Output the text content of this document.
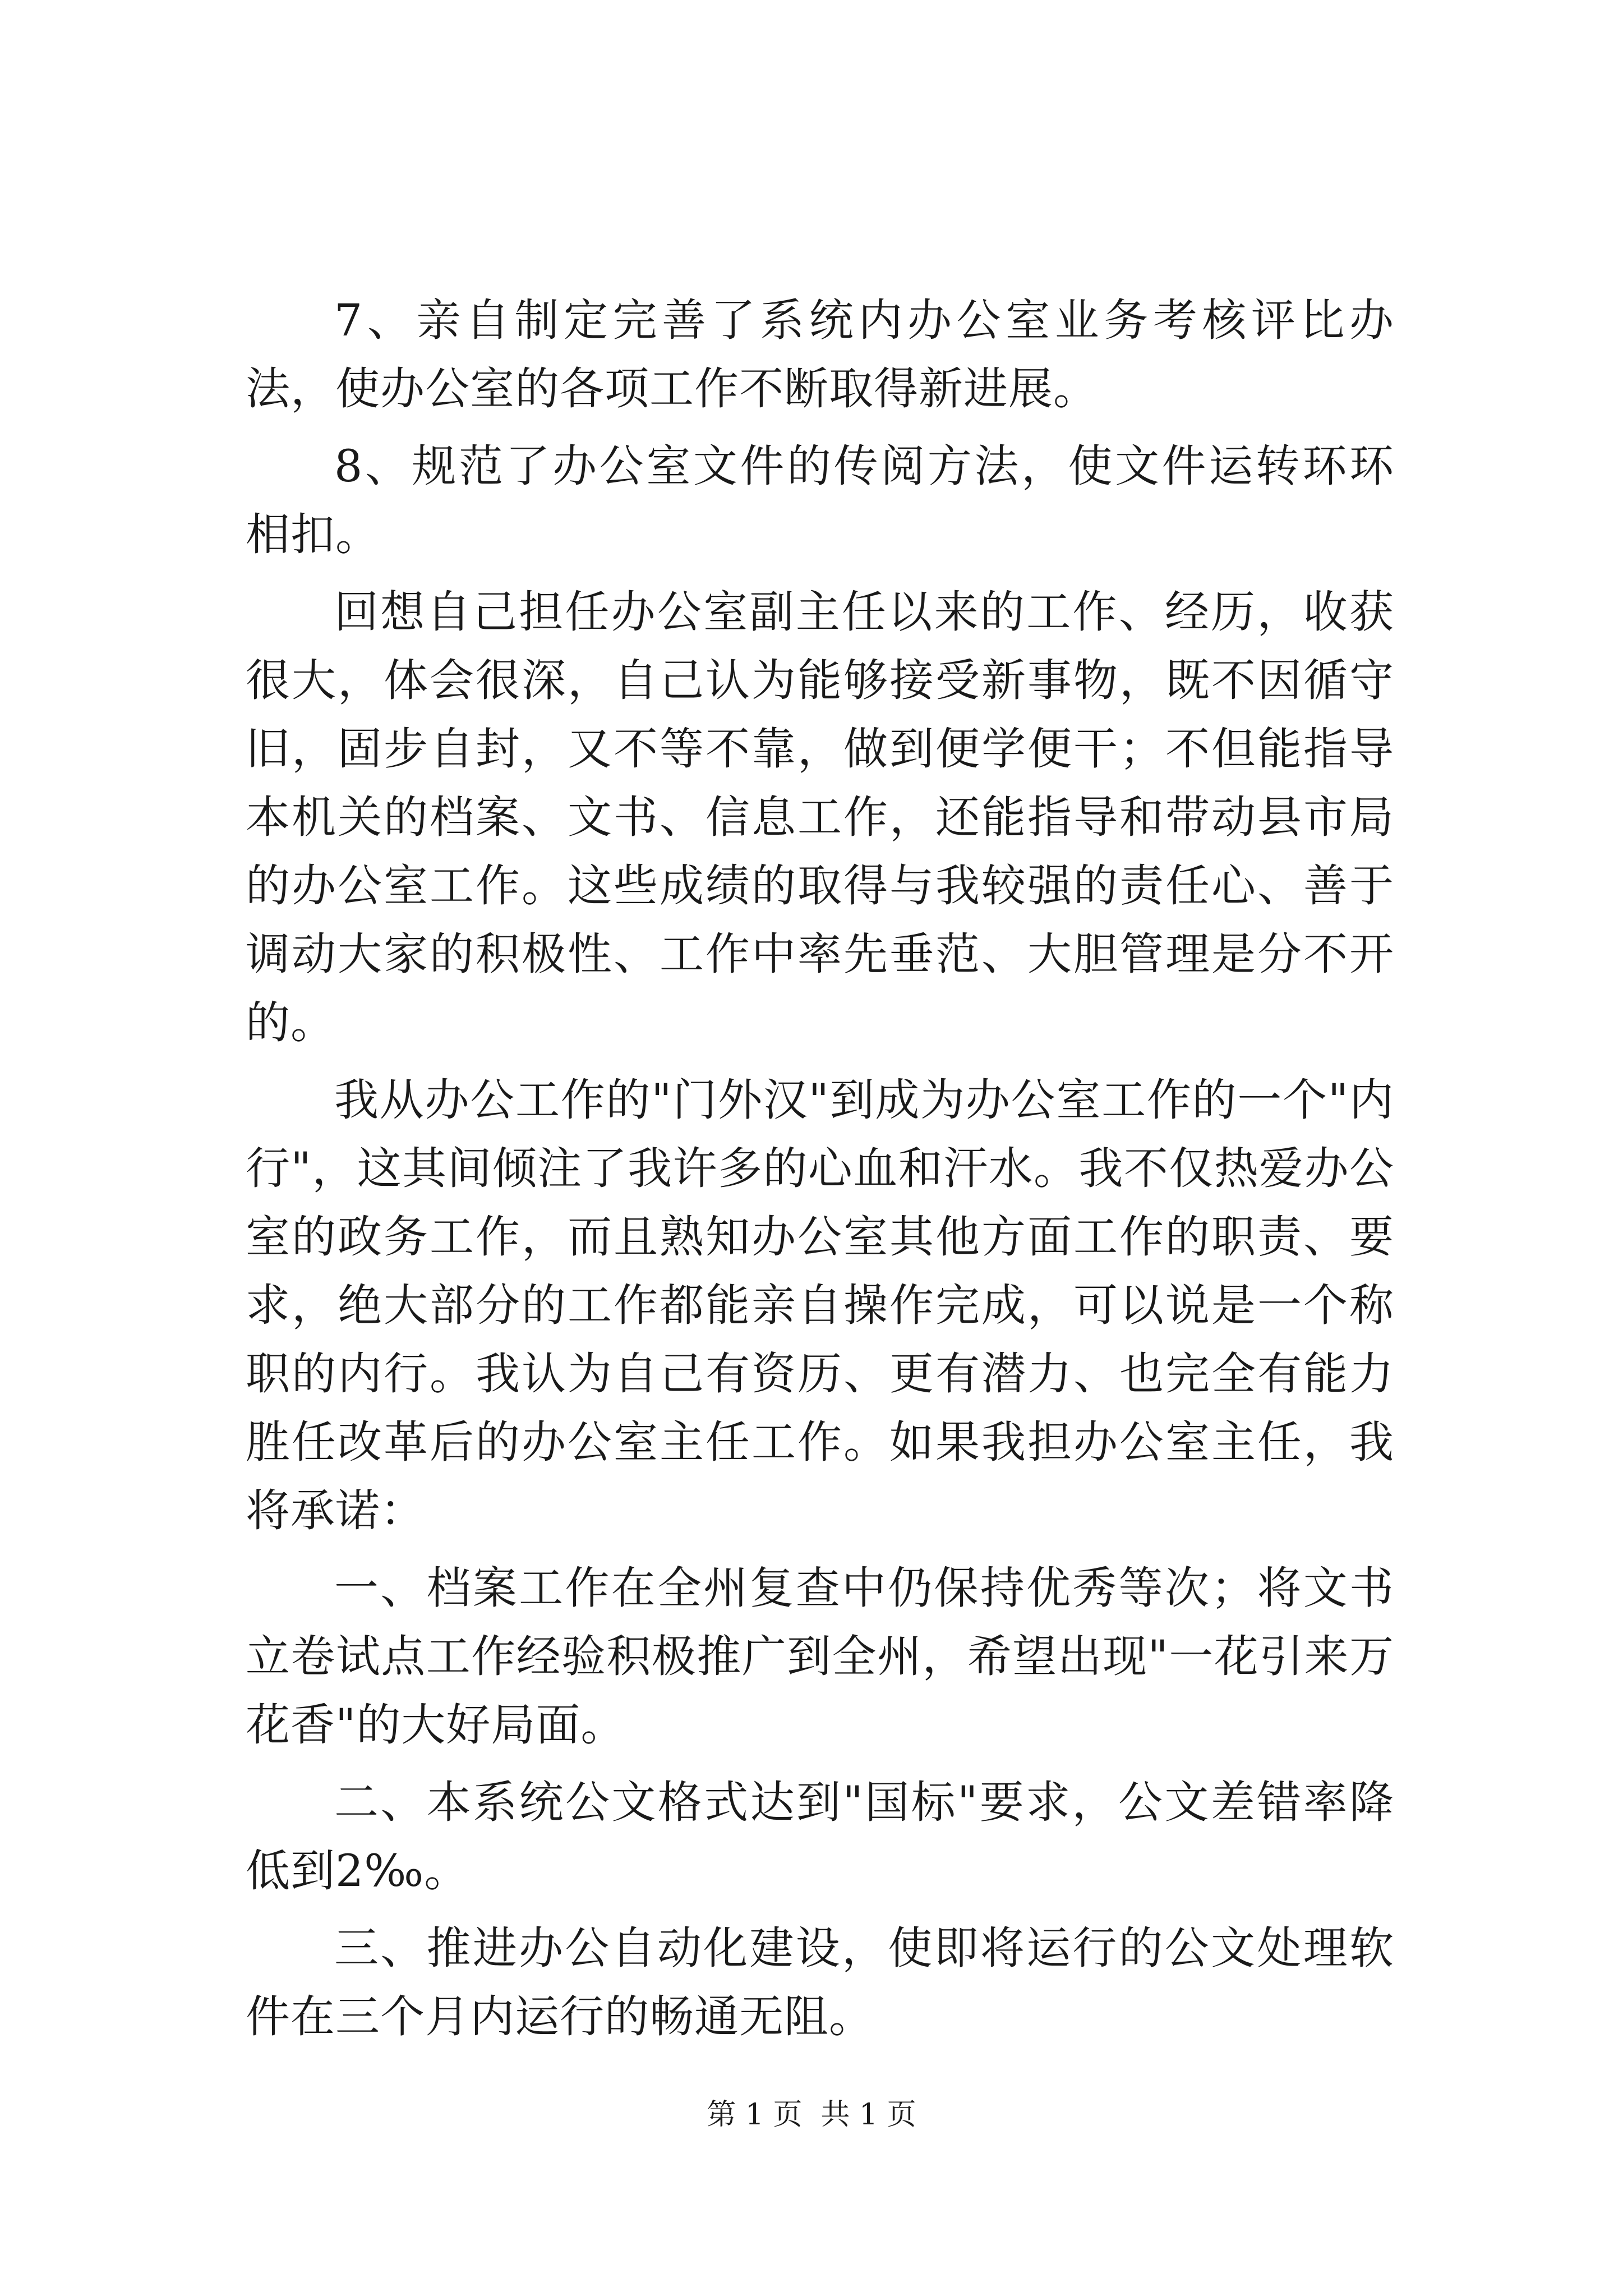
7、亲自制定完善了系统内办公室业务考核评比办法，使办公室的各项工作不断取得新进展。

8、规范了办公室文件的传阅方法，使文件运转环环相扣。

回想自己担任办公室副主任以来的工作、经历，收获很大，体会很深，自己认为能够接受新事物，既不因循守旧，固步自封，又不等不靠，做到便学便干；不但能指导本机关的档案、文书、信息工作，还能指导和带动县市局的办公室工作。这些成绩的取得与我较强的责任心、善于调动大家的积极性、工作中率先垂范、大胆管理是分不开的。

我从办公工作的"门外汉"到成为办公室工作的一个"内行"，这其间倾注了我许多的心血和汗水。我不仅热爱办公室的政务工作，而且熟知办公室其他方面工作的职责、要求，绝大部分的工作都能亲自操作完成，可以说是一个称职的内行。我认为自己有资历、更有潜力、也完全有能力胜任改革后的办公室主任工作。如果我担办公室主任，我将承诺：

一、档案工作在全州复查中仍保持优秀等次；将文书立卷试点工作经验积极推广到全州，希望出现"一花引来万花香"的大好局面。

二、本系统公文格式达到"国标"要求，公文差错率降低到2‰。

三、推进办公自动化建设，使即将运行的公文处理软件在三个月内运行的畅通无阻。

第 1 页  共 1 页
